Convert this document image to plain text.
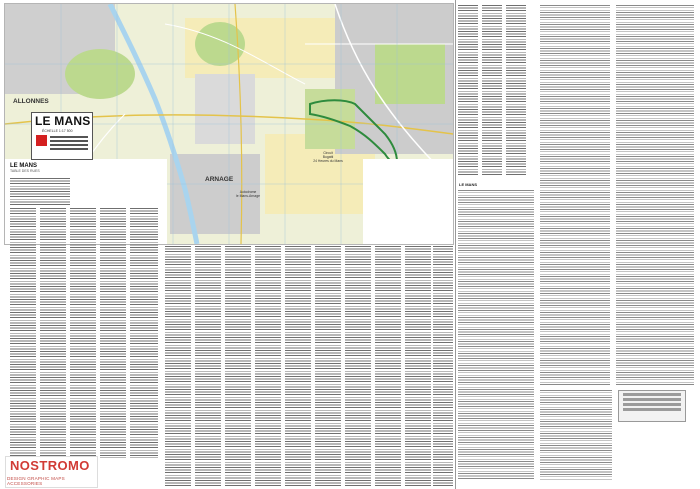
LE MANS
ÉCHELLE 1:17 500
ALLONNES
ARNAGE
Autodrome
le Mans-Arnage
Circuit
Bugatti
24 Heures du Mans
LE MANS
TABLE DES RUES
LE MANS
NOSTROMO
DESIGN GRAPHIC MAPS ACCESSORIES
